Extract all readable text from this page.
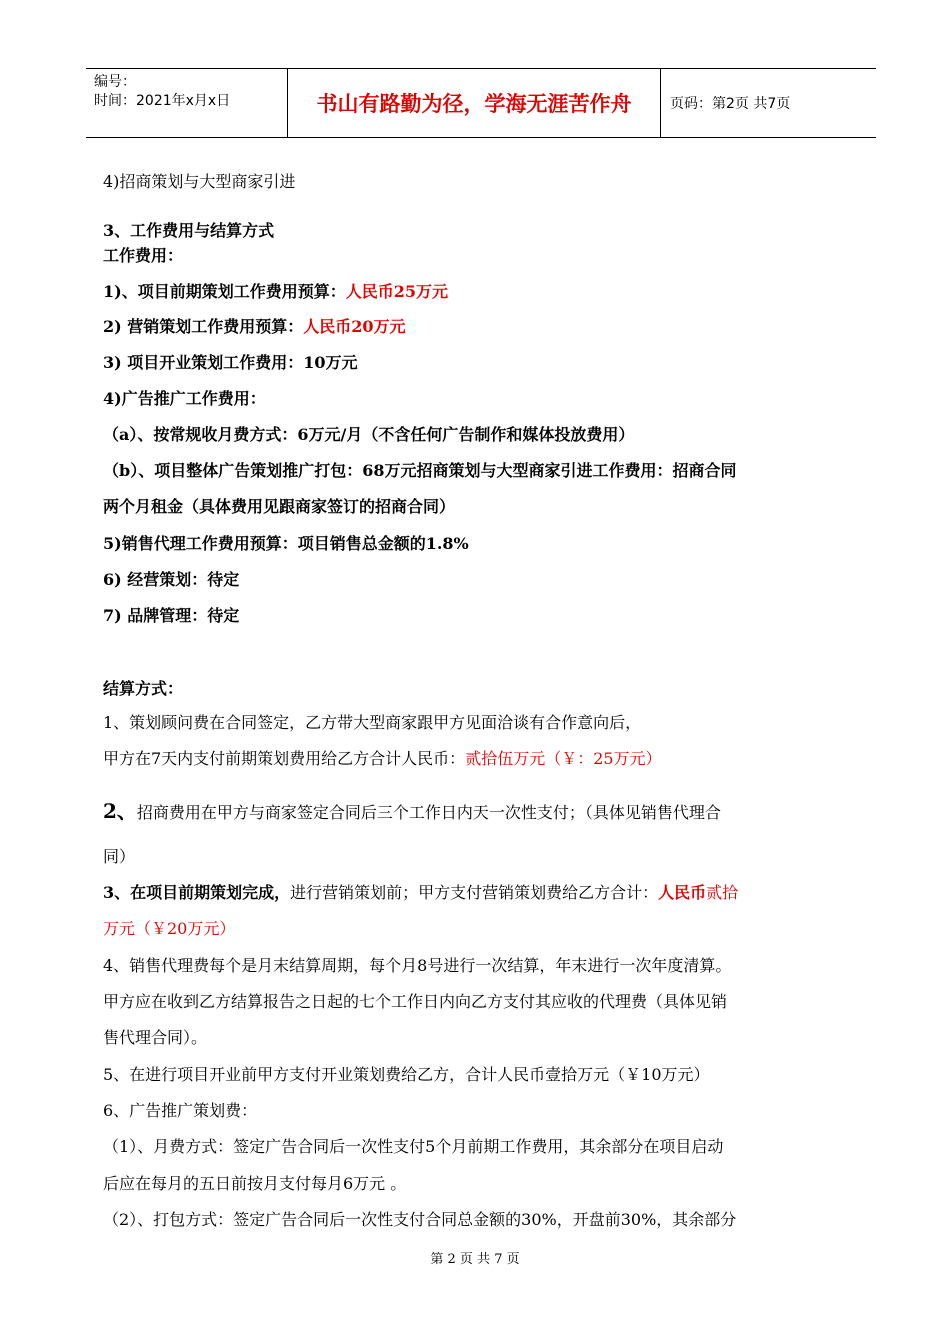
编号：
时间：2021年x月x日	书山有路勤为径，学海无涯苦作舟	页码：第2页 共7页
4)招商策划与大型商家引进
3、工作费用与结算方式
工作费用：
1)、项目前期策划工作费用预算：人民币25万元
2) 营销策划工作费用预算：人民币20万元
3) 项目开业策划工作费用：10万元
4)广告推广工作费用：
（a）、按常规收月费方式：6万元/月（不含任何广告制作和媒体投放费用）
（b）、项目整体广告策划推广打包：68万元招商策划与大型商家引进工作费用：招商合同
两个月租金（具体费用见跟商家签订的招商合同）
5)销售代理工作费用预算：项目销售总金额的1.8%
6) 经营策划：待定
7) 品牌管理：待定
结算方式：
1、策划顾问费在合同签定，乙方带大型商家跟甲方见面洽谈有合作意向后，
甲方在7天内支付前期策划费用给乙方合计人民币：贰拾伍万元（￥：25万元）
2、招商费用在甲方与商家签定合同后三个工作日内天一次性支付；（具体见销售代理合
同）
3、在项目前期策划完成，进行营销策划前；甲方支付营销策划费给乙方合计：人民币贰拾
万元（￥20万元）
4、销售代理费每个是月末结算周期，每个月8号进行一次结算，年末进行一次年度清算。
甲方应在收到乙方结算报告之日起的七个工作日内向乙方支付其应收的代理费（具体见销
售代理合同）。
5、在进行项目开业前甲方支付开业策划费给乙方，合计人民币壹拾万元（￥10万元）
6、广告推广策划费：
（1）、月费方式：签定广告合同后一次性支付5个月前期工作费用，其余部分在项目启动
后应在每月的五日前按月支付每月6万元 。
（2）、打包方式：签定广告合同后一次性支付合同总金额的30%，开盘前30%，其余部分
第 2 页 共 7 页
